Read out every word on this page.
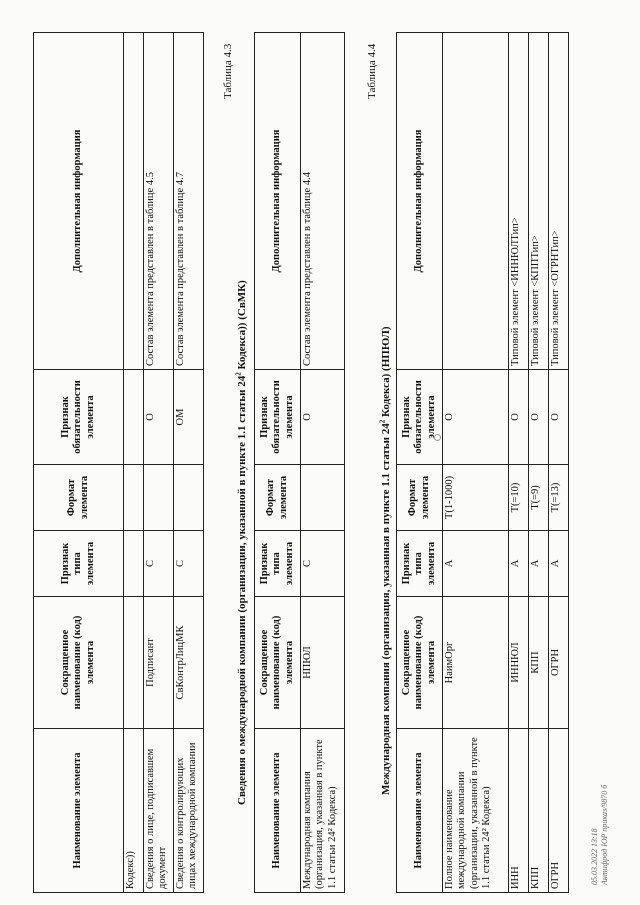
Наименование элемента	Сокращенное наименование (код) элемента	Признак типа элемента	Формат элемента	Признак обязательности элемента	Дополнительная информация
Кодекс))					
Сведения о лице, подписавшем документ	Подписант	С		О	Состав элемента представлен в таблице 4.5
Сведения о контролирующих лицах международной компании	СвКонтрЛицМК	С		ОМ	Состав элемента представлен в таблице 4.7
Таблица 4.3
Сведения о международной компании (организации, указанной в пункте 1.1 статьи $24^2$ Кодекса)) (СвМК)
Наименование элемента	Сокращенное наименование (код) элемента	Признак типа элемента	Формат элемента	Признак обязательности элемента	Дополнительная информация
Международная компания (организация, указанная в пункте 1.1 статьи 24² Кодекса)	НПЮЛ	С		О	Состав элемента представлен в таблице 4.4
Таблица 4.4
Международная компания (организация, указанная в пункте 1.1 статьи $24^2$ Кодекса) (НПЮЛ)
Наименование элемента	Сокращенное наименование (код) элемента	Признак типа элемента	Формат элемента	Признак обязательности элемента	Дополнительная информация
Полное наименование международной компании (организации, указанной в пункте 1.1 статьи 24² Кодекса)	НаимОрг	А	T(1-1000)	О	
ИНН	ИННЮЛ	А	T(=10)	О	Типовой элемент <ИННЮЛТип>
КПП	КПП	А	T(=9)	О	Типовой элемент <КППТип>
ОГРН	ОГРН	А	T(=13)	О	Типовой элемент <ОГРНТип>
05.03.2022 13:18 Антифрод ЮР приказ/9870 б
